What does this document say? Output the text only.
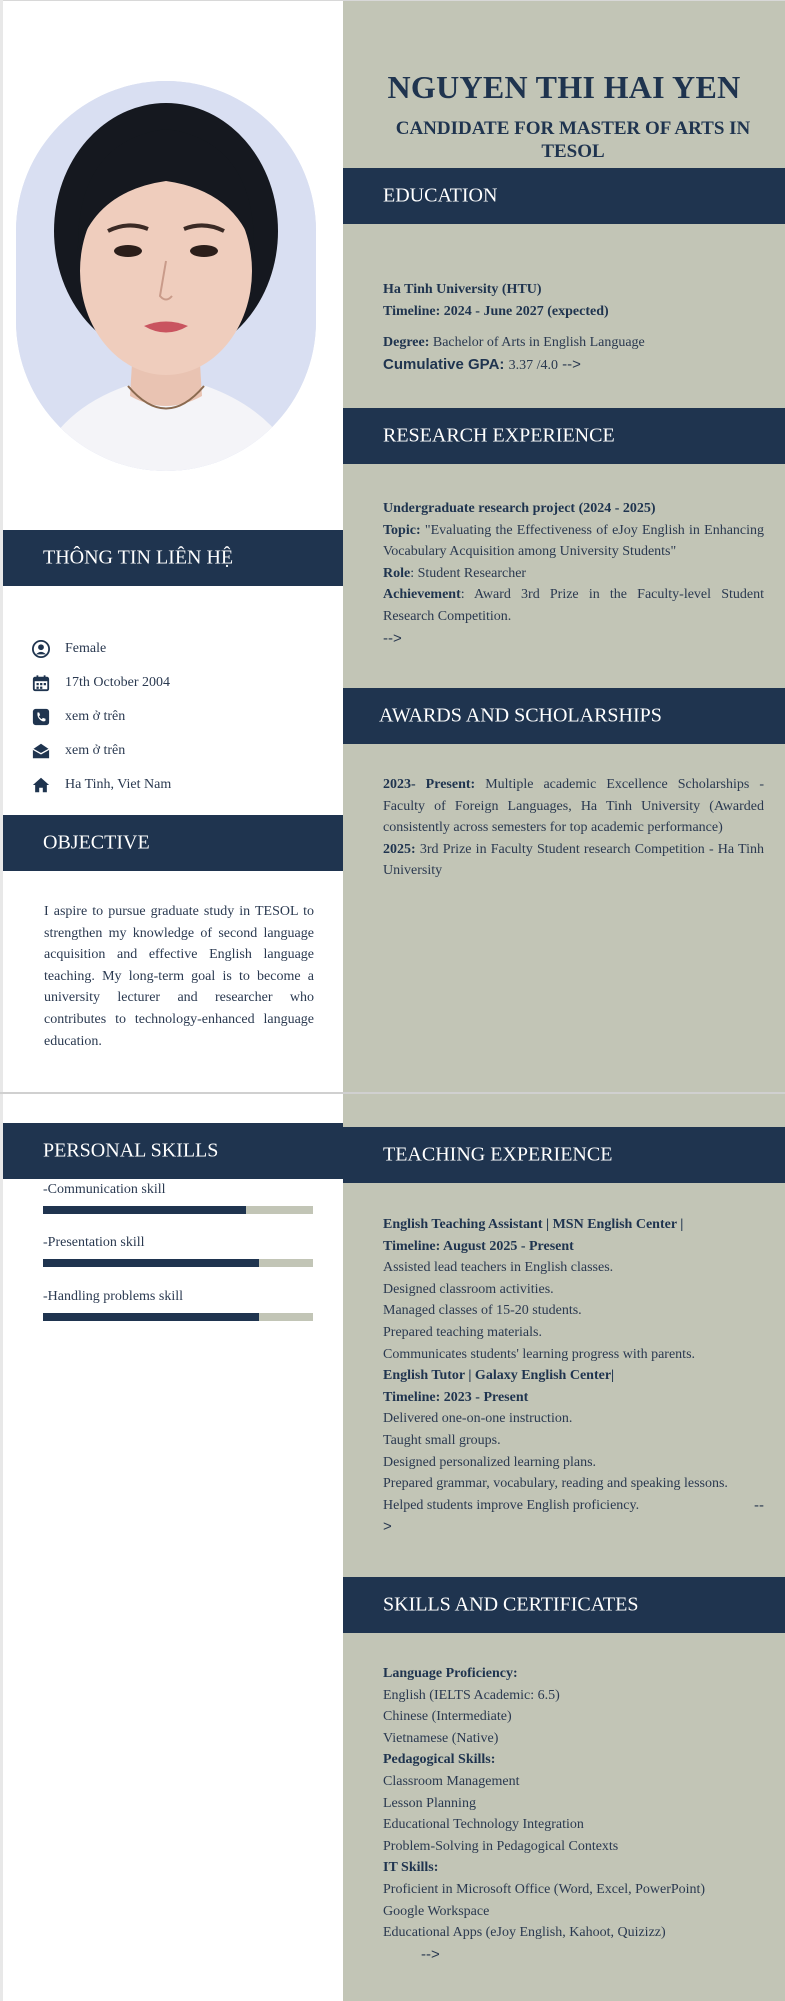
NGUYEN THI HAI YEN
CANDIDATE FOR MASTER OF ARTS IN TESOL
THÔNG TIN LIÊN HỆ
Female
17th October 2004
xem ở trên
xem ở trên
Ha Tinh, Viet Nam
OBJECTIVE
I aspire to pursue graduate study in TESOL to strengthen my knowledge of second language acquisition and effective English language teaching. My long-term goal is to become a university lecturer and researcher who contributes to technology-enhanced language education.
EDUCATION
Ha Tinh University (HTU)
Timeline: 2024 - June 2027 (expected)
Degree: Bachelor of Arts in English Language
Cumulative GPA: 3.37 /4.0 -->
RESEARCH EXPERIENCE
Undergraduate research project (2024 - 2025)
Topic: "Evaluating the Effectiveness of eJoy English in Enhancing Vocabulary Acquisition among University Students"
Role: Student Researcher
Achievement: Award 3rd Prize in the Faculty-level Student Research Competition.
-->
AWARDS AND SCHOLARSHIPS
2023- Present: Multiple academic Excellence Scholarships - Faculty of Foreign Languages, Ha Tinh University (Awarded consistently across semesters for top academic performance)
2025: 3rd Prize in Faculty Student research Competition - Ha Tinh University
PERSONAL SKILLS
-Communication skill
-Presentation skill
-Handling problems skill
TEACHING EXPERIENCE
English Teaching Assistant | MSN English Center |
Timeline: August 2025 - Present
Assisted lead teachers in English classes.
Designed classroom activities.
Managed classes of 15-20 students.
Prepared teaching materials.
Communicates students' learning progress with parents.
English Tutor | Galaxy English Center|
Timeline: 2023 - Present
Delivered one-on-one instruction.
Taught small groups.
Designed personalized learning plans.
Prepared grammar, vocabulary, reading and speaking lessons.
Helped students improve English proficiency.	--
>
SKILLS AND CERTIFICATES
Language Proficiency:
English (IELTS Academic: 6.5)
Chinese (Intermediate)
Vietnamese (Native)
Pedagogical Skills:
Classroom Management
Lesson Planning
Educational Technology Integration
Problem-Solving in Pedagogical Contexts
IT Skills:
Proficient in Microsoft Office (Word, Excel, PowerPoint)
Google Workspace
Educational Apps (eJoy English, Kahoot, Quizizz)
-->
